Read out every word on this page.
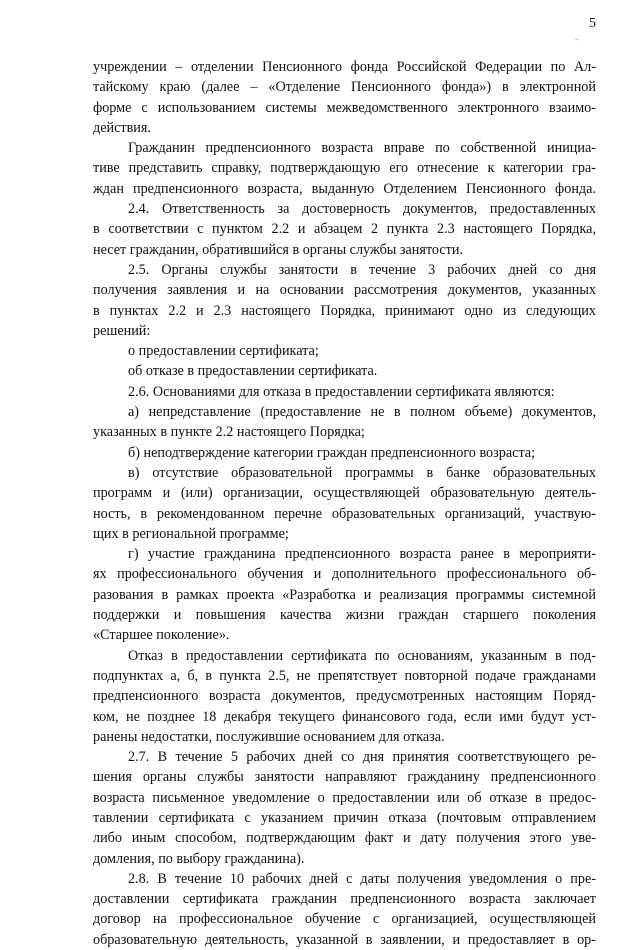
5
-
учреждении – отделении Пенсионного фонда Российской Федерации по Ал-
тайскому краю (далее – «Отделение Пенсионного фонда») в электронной
форме с использованием системы межведомственного электронного взаимо-
действия.
Гражданин предпенсионного возраста вправе по собственной инициа-
тиве представить справку, подтверждающую его отнесение к категории гра-
ждан предпенсионного возраста, выданную Отделением Пенсионного фонда.
2.4. Ответственность за достоверность документов, предоставленных
в соответствии с пунктом 2.2 и абзацем 2 пункта 2.3 настоящего Порядка,
несет гражданин, обратившийся в органы службы занятости.
2.5. Органы службы занятости в течение 3 рабочих дней со дня
получения заявления и на основании рассмотрения документов, указанных
в пунктах 2.2 и 2.3 настоящего Порядка, принимают одно из следующих
решений:
о предоставлении сертификата;
об отказе в предоставлении сертификата.
2.6. Основаниями для отказа в предоставлении сертификата являются:
а) непредставление (предоставление не в полном объеме) документов,
указанных в пункте 2.2 настоящего Порядка;
б) неподтверждение категории граждан предпенсионного возраста;
в) отсутствие образовательной программы в банке образовательных
программ и (или) организации, осуществляющей образовательную деятель-
ность, в рекомендованном перечне образовательных организаций, участвую-
щих в региональной программе;
г) участие гражданина предпенсионного возраста ранее в мероприяти-
ях профессионального обучения и дополнительного профессионального об-
разования в рамках проекта «Разработка и реализация программы системной
поддержки и повышения качества жизни граждан старшего поколения
«Старшее поколение».
Отказ в предоставлении сертификата по основаниям, указанным в под-
подпунктах а, б, в пункта 2.5, не препятствует повторной подаче гражданами
предпенсионного возраста документов, предусмотренных настоящим Поряд-
ком, не позднее 18 декабря текущего финансового года, если ими будут уст-
ранены недостатки, послужившие основанием для отказа.
2.7. В течение 5 рабочих дней со дня принятия соответствующего ре-
шения органы службы занятости направляют гражданину предпенсионного
возраста письменное уведомление о предоставлении или об отказе в предос-
тавлении сертификата с указанием причин отказа (почтовым отправлением
либо иным способом, подтверждающим факт и дату получения этого уве-
домления, по выбору гражданина).
2.8. В течение 10 рабочих дней с даты получения уведомления о пре-
доставлении сертификата гражданин предпенсионного возраста заключает
договор на профессиональное обучение с организацией, осуществляющей
образовательную деятельность, указанной в заявлении, и предоставляет в ор-
